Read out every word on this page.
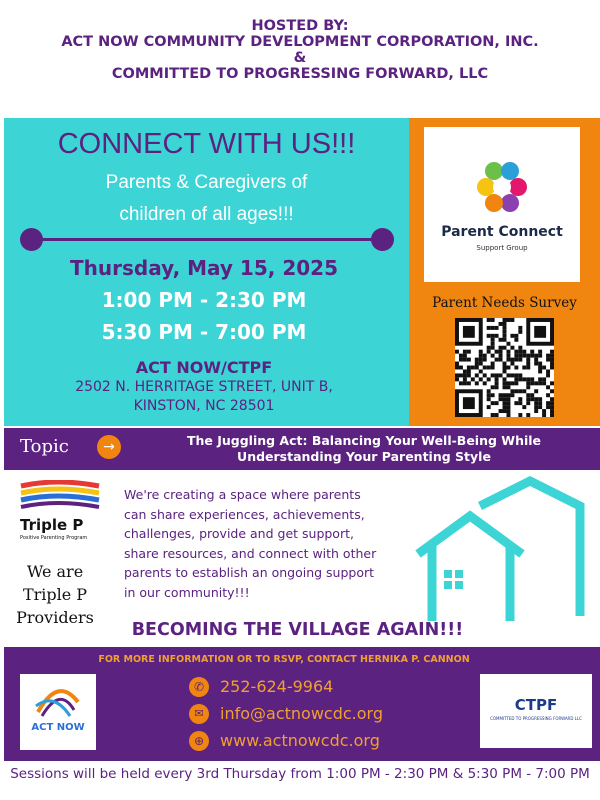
HOSTED BY:
ACT NOW COMMUNITY DEVELOPMENT CORPORATION, INC.
&
COMMITTED TO PROGRESSING FORWARD, LLC
CONNECT WITH US!!!
Parents & Caregivers of
children of all ages!!!
Thursday, May 15, 2025
1:00 PM - 2:30 PM
5:30 PM - 7:00 PM
ACT NOW/CTPF
2502 N. HERRITAGE STREET, UNIT B,
KINSTON, NC 28501
Parent Connect
Support Group
Parent Needs Survey
Topic	→	The Juggling Act: Balancing Your Well-Being While
Understanding Your Parenting Style
Triple P
Positive Parenting Program
We are
Triple P
Providers
We're creating a space where parents
can share experiences, achievements,
challenges, provide and get support,
share resources, and connect with other
parents to establish an ongoing support
in our community!!!
BECOMING THE VILLAGE AGAIN!!!
FOR MORE INFORMATION OR TO RSVP, CONTACT HERNIKA P. CANNON
ACT NOW
✆ 252-624-9964
✉	info@actnowcdc.org
⊕ www.actnowcdc.org
CTPF
COMMITTED TO PROGRESSING FORWARD LLC
Sessions will be held every 3rd Thursday from 1:00 PM - 2:30 PM & 5:30 PM - 7:00 PM
